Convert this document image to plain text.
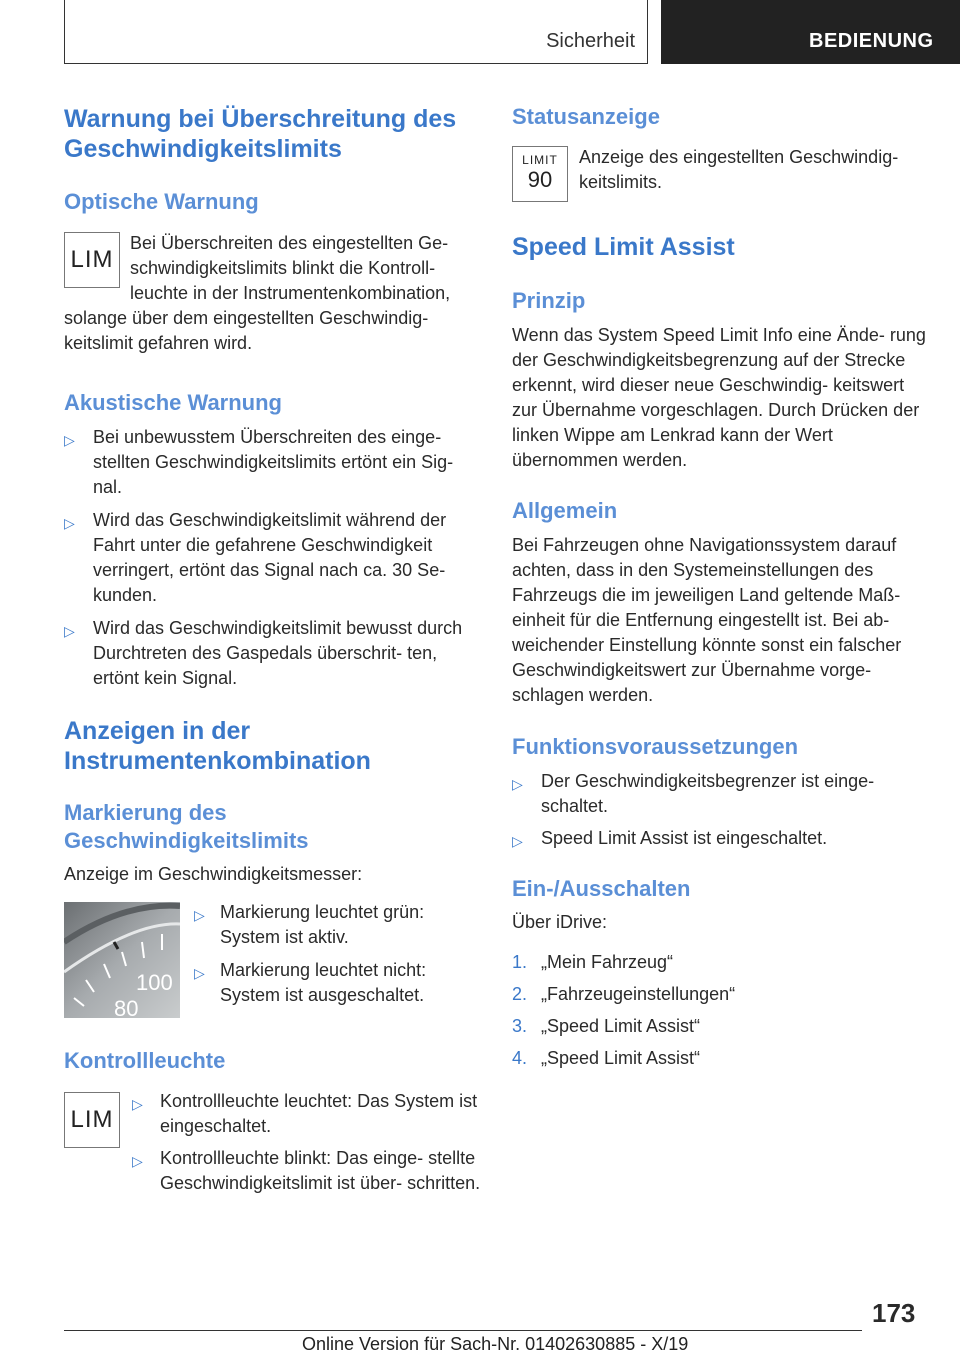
Sicherheit	BEDIENUNG
Warnung bei Überschreitung des Geschwindigkeitslimits
Optische Warnung
LIM

Bei Überschreiten des eingestellten Ge-

schwindigkeitslimits blinkt die Kontroll-

leuchte in der Instrumentenkombination,

solange über dem eingestellten Geschwindig-

keitslimit gefahren wird.

Akustische Warnung
▷ Bei unbewusstem Überschreiten des einge- stellten Geschwindigkeitslimits ertönt ein Sig- nal.
▷ Wird das Geschwindigkeitslimit während der Fahrt unter die gefahrene Geschwindigkeit verringert, ertönt das Signal nach ca. 30 Se- kunden.
▷ Wird das Geschwindigkeitslimit bewusst durch Durchtreten des Gaspedals überschrit- ten, ertönt kein Signal.
Anzeigen in der
Instrumentenkombination
Markierung des
Geschwindigkeitslimits

Anzeige im Geschwindigkeitsmesser:

100
80
▷ Markierung leuchtet grün: System ist aktiv.
▷ Markierung leuchtet nicht: System ist ausgeschaltet.
Kontrollleuchte
LIM
▷ Kontrollleuchte leuchtet: Das System ist eingeschaltet.
▷ Kontrollleuchte blinkt: Das einge- stellte Geschwindigkeitslimit ist über- schritten.
Statusanzeige
LIMIT
90

Anzeige des eingestellten Geschwindig- keitslimits.

Speed Limit Assist
Prinzip

Wenn das System Speed Limit Info eine Ände- rung der Geschwindigkeitsbegrenzung auf der Strecke erkennt, wird dieser neue Geschwindig- keitswert zur Übernahme vorgeschlagen. Durch Drücken der linken Wippe am Lenkrad kann der Wert übernommen werden.

Allgemein

Bei Fahrzeugen ohne Navigationssystem darauf achten, dass in den Systemeinstellungen des Fahrzeugs die im jeweiligen Land geltende Maß- einheit für die Entfernung eingestellt ist. Bei ab- weichender Einstellung könnte sonst ein falscher Geschwindigkeitswert zur Übernahme vorge- schlagen werden.

Funktionsvoraussetzungen
▷ Der Geschwindigkeitsbegrenzer ist einge- schaltet.
▷ Speed Limit Assist ist eingeschaltet.
Ein-/Ausschalten

Über iDrive:

1. „Mein Fahrzeug“
2. „Fahrzeugeinstellungen“
3. „Speed Limit Assist“
4. „Speed Limit Assist“
173
Online Version für Sach-Nr. 01402630885 - X/19
